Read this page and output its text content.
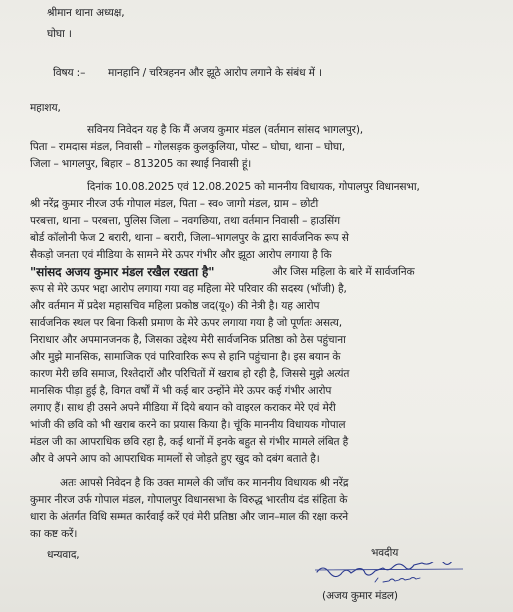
श्रीमान थाना अध्यक्ष,
घोघा ।
विषय :– मानहानि / चरित्रहनन और झूठे आरोप लगाने के संबंध में ।
महाशय,
सविनय निवेदन यह है कि मैं अजय कुमार मंडल (वर्तमान सांसद भागलपुर),
पिता – रामदास मंडल, निवासी – गोलसड़क कुलकुलिया, पोस्ट – घोघा, थाना – घोघा,
जिला – भागलपुर, बिहार – 813205 का स्थाई निवासी हूं।
दिनांक 10.08.2025 एवं 12.08.2025 को माननीय विधायक, गोपालपुर विधानसभा,
श्री नरेंद्र कुमार नीरज उर्फ गोपाल मंडल, पिता – स्व० जागो मंडल, ग्राम – छोटी
परबत्ता, थाना – परबत्ता, पुलिस जिला – नवगछिया, तथा वर्तमान निवासी – हाउसिंग
बोर्ड कॉलोनी फेज 2 बरारी, थाना – बरारी, जिला–भागलपुर के द्वारा सार्वजनिक रूप से
सैकड़ो जनता एवं मीडिया के सामने मेरे ऊपर गंभीर और झूठा आरोप लगाया है कि
"सांसद अजय कुमार मंडल रखैल रखता है"	और जिस महिला के बारे में सार्वजनिक
रूप से मेरे ऊपर भद्दा आरोप लगाया गया वह महिला मेरे परिवार की सदस्य (भाँजी) है,
और वर्तमान में प्रदेश महासचिव महिला प्रकोष्ठ जद(यू०) की नेत्री है। यह आरोप
सार्वजनिक स्थल पर बिना किसी प्रमाण के मेरे ऊपर लगाया गया है जो पूर्णतः असत्य,
निराधार और अपमानजनक है, जिसका उद्देश्य मेरी सार्वजनिक प्रतिष्ठा को ठेस पहुंचाना
और मुझे मानसिक, सामाजिक एवं पारिवारिक रूप से हानि पहुंचाना है। इस बयान के
कारण मेरी छवि समाज, रिश्तेदारों और परिचितों में खराब हो रही है, जिससे मुझे अत्यंत
मानसिक पीड़ा हुई है, विगत वर्षों में भी कई बार उन्होंने मेरे ऊपर कई गंभीर आरोप
लगाए हैं। साथ ही उसने अपने मीडिया में दिये बयान को वाइरल कराकर मेरे एवं मेरी
भांजी की छवि को भी खराब करने का प्रयास किया है। चूंकि माननीय विधायक गोपाल
मंडल जी का आपराधिक छवि रहा है, कई थानों में इनके बहुत से गंभीर मामले लंबित है
और वे अपने आप को आपराधिक मामलों से जोड़ते हुए खुद को दबंग बताते है।
अतः आपसे निवेदन है कि उक्त मामले की जाँच कर माननीय विधायक श्री नरेंद्र
कुमार नीरज उर्फ गोपाल मंडल, गोपालपुर विधानसभा के विरुद्ध भारतीय दंड संहिता के
धारा के अंतर्गत विधि सम्मत कार्रवाई करें एवं मेरी प्रतिष्ठा और जान–माल की रक्षा करने
का कष्ट करें।
धन्यवाद,	भवदीय
(अजय कुमार मंडल)
